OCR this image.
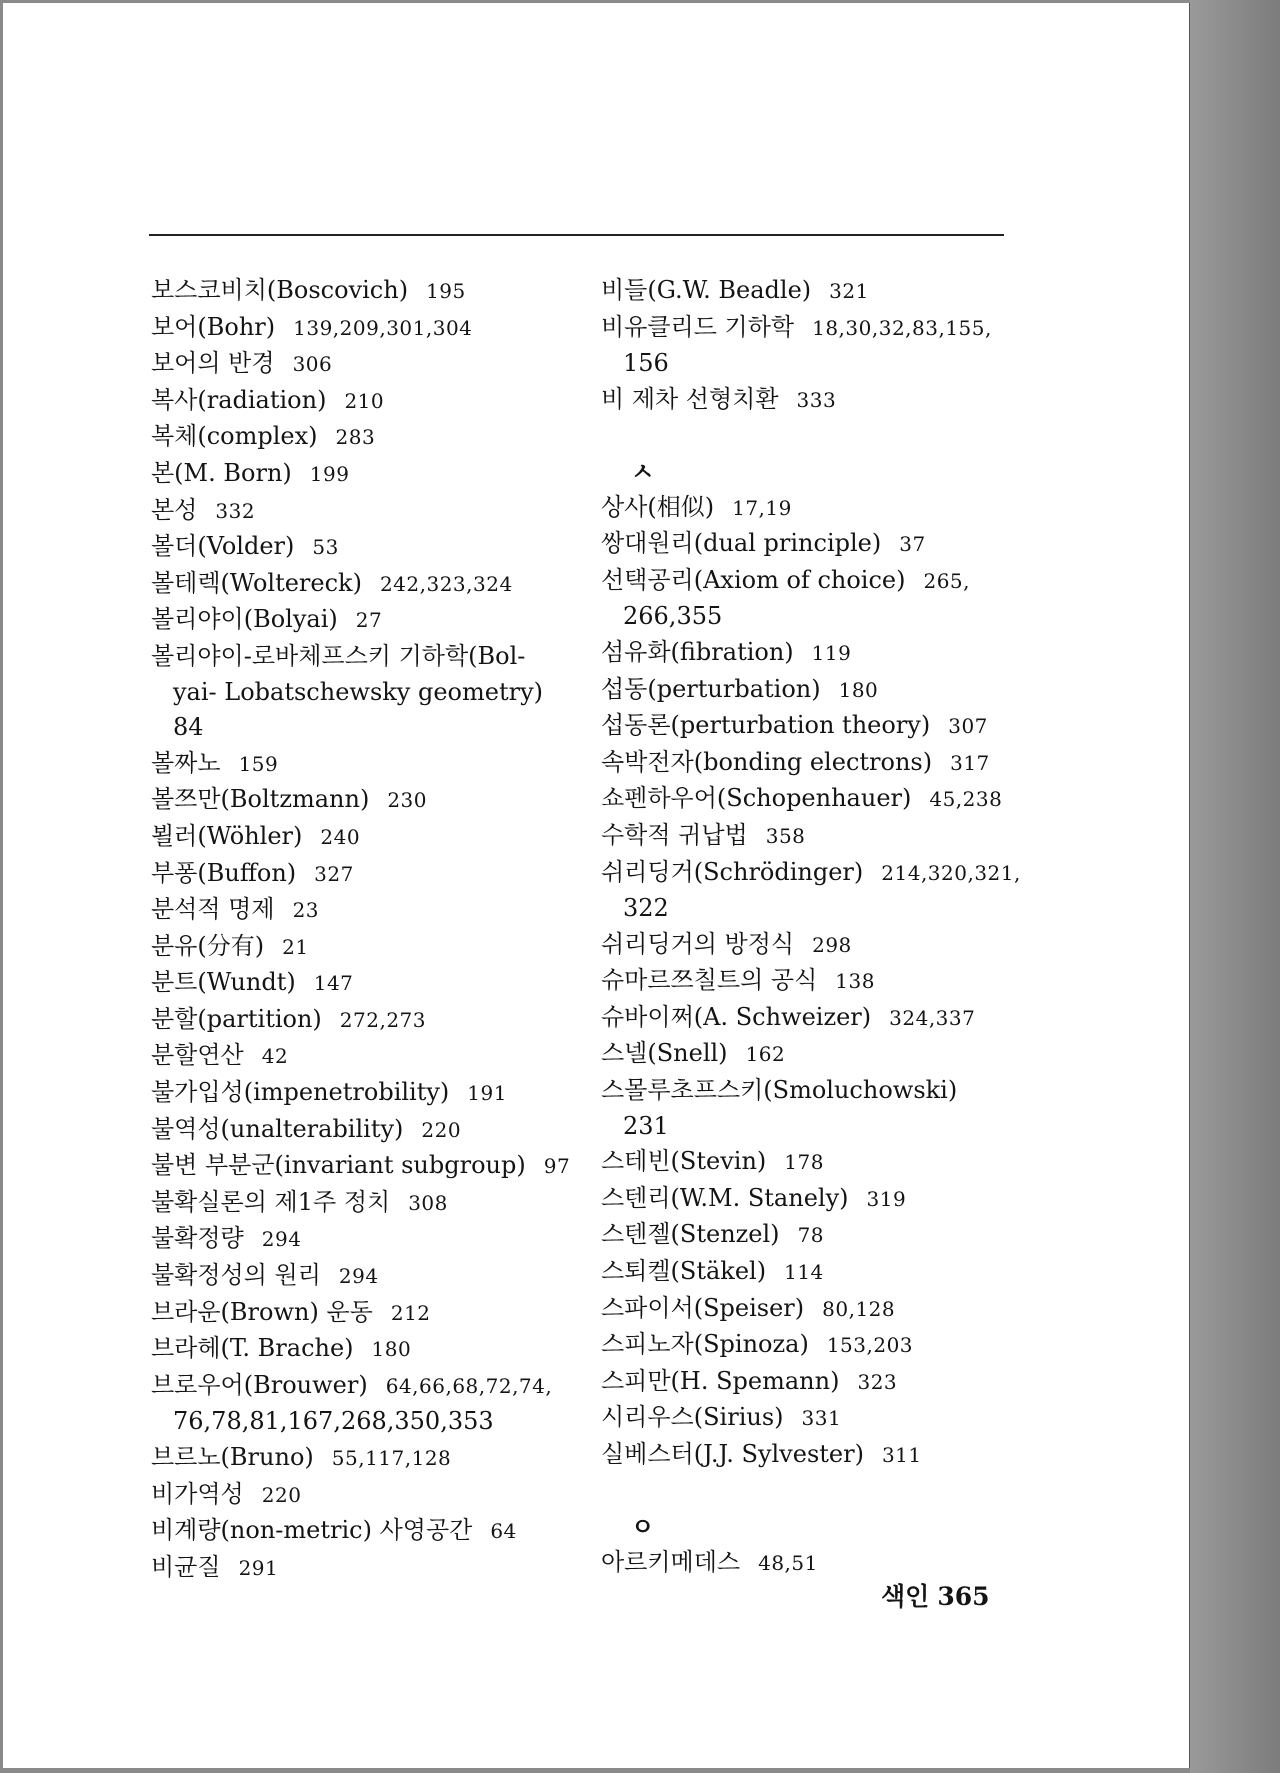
보스코비치(Boscovich) 195
보어(Bohr) 139,209,301,304
보어의 반경 306
복사(radiation) 210
복체(complex) 283
본(M. Born) 199
본성 332
볼더(Volder) 53
볼테렉(Woltereck) 242,323,324
볼리야이(Bolyai) 27
볼리야이-로바체프스키 기하학(Bol-
yai- Lobatschewsky geometry)
84
볼짜노 159
볼쯔만(Boltzmann) 230
뵐러(Wöhler) 240
부퐁(Buffon) 327
분석적 명제 23
분유(分有) 21
분트(Wundt) 147
분할(partition) 272,273
분할연산 42
불가입성(impenetrobility) 191
불역성(unalterability) 220
불변 부분군(invariant subgroup) 97
불확실론의 제1주 정치 308
불확정량 294
불확정성의 원리 294
브라운(Brown) 운동 212
브라헤(T. Brache) 180
브로우어(Brouwer) 64,66,68,72,74,
76,78,81,167,268,350,353
브르노(Bruno) 55,117,128
비가역성 220
비계량(non-metric) 사영공간 64
비균질 291
비들(G.W. Beadle) 321
비유클리드 기하학 18,30,32,83,155,
156
비 제차 선형치환 333
ㅅ
상사(相似) 17,19
쌍대원리(dual principle) 37
선택공리(Axiom of choice) 265,
266,355
섬유화(fibration) 119
섭동(perturbation) 180
섭동론(perturbation theory) 307
속박전자(bonding electrons) 317
쇼펜하우어(Schopenhauer) 45,238
수학적 귀납법 358
쉬리딩거(Schrödinger) 214,320,321,
322
쉬리딩거의 방정식 298
슈마르쯔칠트의 공식 138
슈바이쩌(A. Schweizer) 324,337
스넬(Snell) 162
스몰루초프스키(Smoluchowski)
231
스테빈(Stevin) 178
스텐리(W.M. Stanely) 319
스텐젤(Stenzel) 78
스퇴켈(Stäkel) 114
스파이서(Speiser) 80,128
스피노자(Spinoza) 153,203
스피만(H. Spemann) 323
시리우스(Sirius) 331
실베스터(J.J. Sylvester) 311
ㅇ
아르키메데스 48,51
색인 365
